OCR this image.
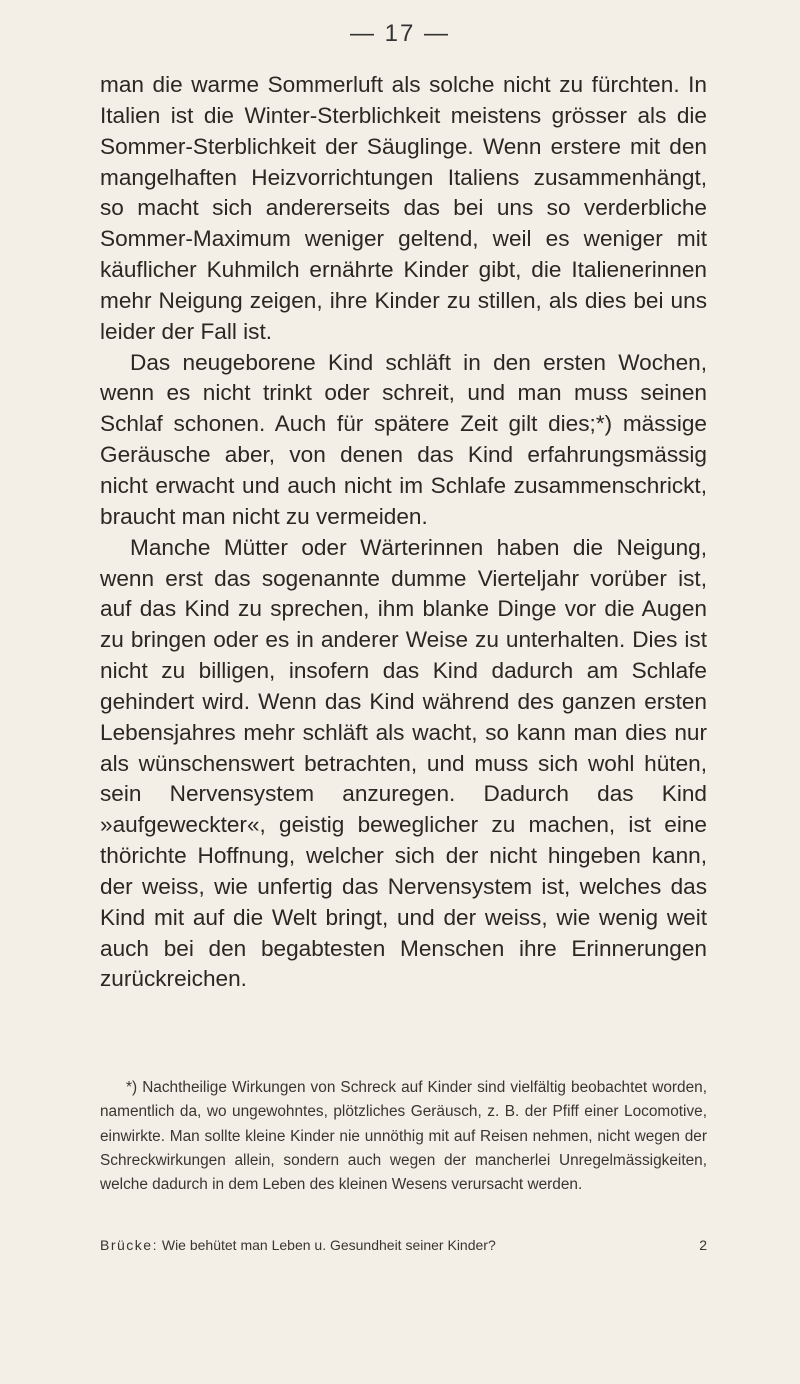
— 17 —

man die warme Sommerluft als solche nicht zu fürchten. In Italien ist die Winter-Sterblichkeit meistens grösser als die Sommer-Sterblichkeit der Säuglinge. Wenn erstere mit den mangelhaften Heizvorrichtungen Italiens zusammenhängt, so macht sich andererseits das bei uns so verderbliche Sommer-Maximum weniger geltend, weil es weniger mit käuflicher Kuhmilch ernährte Kinder gibt, die Italienerinnen mehr Neigung zeigen, ihre Kinder zu stillen, als dies bei uns leider der Fall ist.

Das neugeborene Kind schläft in den ersten Wochen, wenn es nicht trinkt oder schreit, und man muss seinen Schlaf schonen. Auch für spätere Zeit gilt dies;*) mässige Geräusche aber, von denen das Kind erfahrungsmässig nicht erwacht und auch nicht im Schlafe zusammenschrickt, braucht man nicht zu vermeiden.

Manche Mütter oder Wärterinnen haben die Neigung, wenn erst das sogenannte dumme Vierteljahr vorüber ist, auf das Kind zu sprechen, ihm blanke Dinge vor die Augen zu bringen oder es in anderer Weise zu unterhalten. Dies ist nicht zu billigen, insofern das Kind dadurch am Schlafe gehindert wird. Wenn das Kind während des ganzen ersten Lebensjahres mehr schläft als wacht, so kann man dies nur als wünschenswert betrachten, und muss sich wohl hüten, sein Nervensystem anzuregen. Dadurch das Kind »aufgeweckter«, geistig beweglicher zu machen, ist eine thörichte Hoffnung, welcher sich der nicht hingeben kann, der weiss, wie unfertig das Nervensystem ist, welches das Kind mit auf die Welt bringt, und der weiss, wie wenig weit auch bei den begabtesten Menschen ihre Erinnerungen zurückreichen.

*) Nachtheilige Wirkungen von Schreck auf Kinder sind vielfältig beobachtet worden, namentlich da, wo ungewohntes, plötzliches Geräusch, z. B. der Pfiff einer Locomotive, einwirkte. Man sollte kleine Kinder nie unnöthig mit auf Reisen nehmen, nicht wegen der Schreckwirkungen allein, sondern auch wegen der mancherlei Unregelmässigkeiten, welche dadurch in dem Leben des kleinen Wesens verursacht werden.
Brücke: Wie behütet man Leben u. Gesundheit seiner Kinder?	2
